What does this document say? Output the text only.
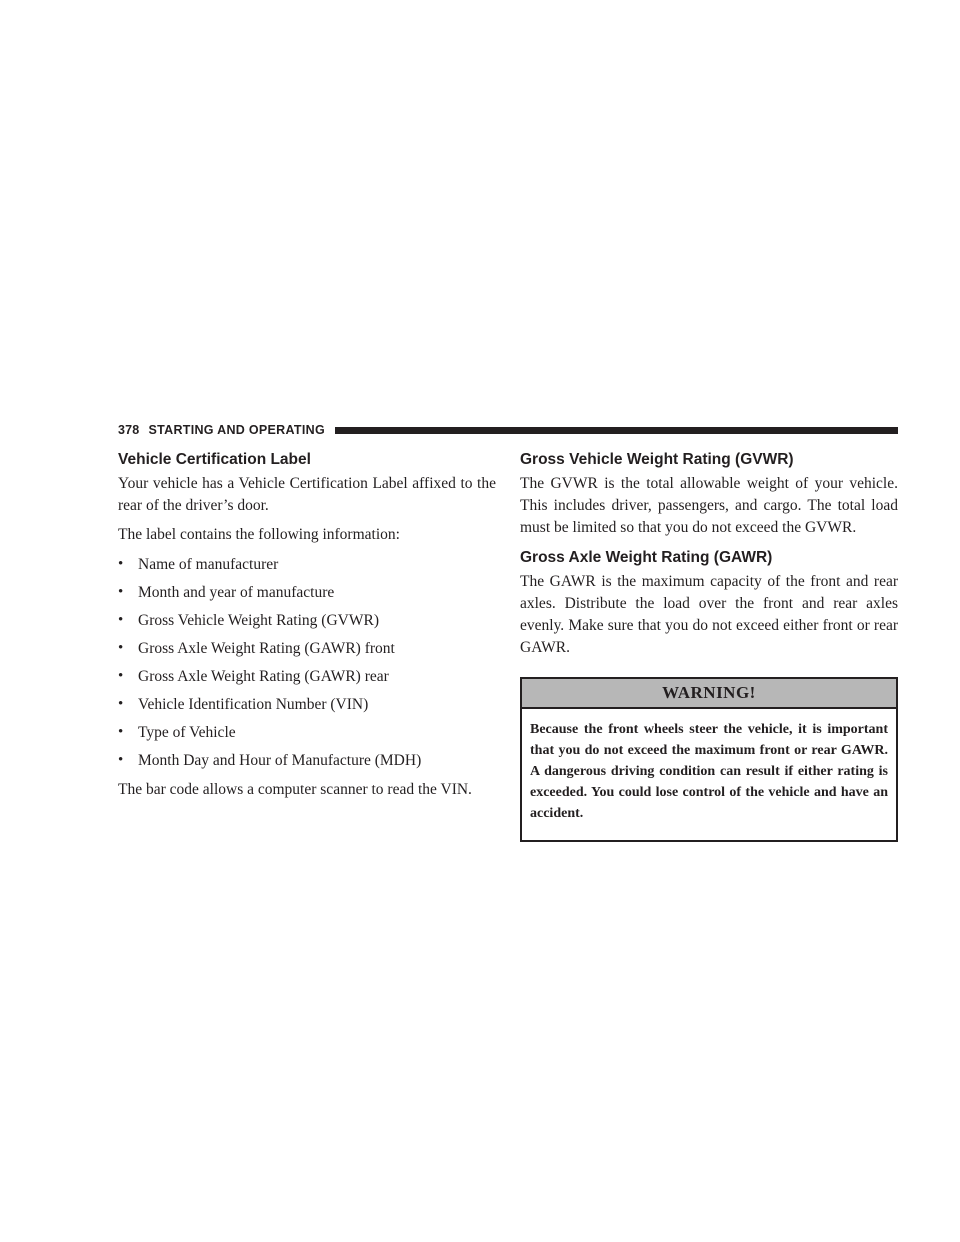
378 STARTING AND OPERATING
Vehicle Certification Label

Your vehicle has a Vehicle Certification Label affixed to the rear of the driver’s door.

The label contains the following information:

• Name of manufacturer
• Month and year of manufacture
• Gross Vehicle Weight Rating (GVWR)
• Gross Axle Weight Rating (GAWR) front
• Gross Axle Weight Rating (GAWR) rear
• Vehicle Identification Number (VIN)
• Type of Vehicle
• Month Day and Hour of Manufacture (MDH)

The bar code allows a computer scanner to read the VIN.

Gross Vehicle Weight Rating (GVWR)

The GVWR is the total allowable weight of your vehicle. This includes driver, passengers, and cargo. The total load must be limited so that you do not exceed the GVWR.

Gross Axle Weight Rating (GAWR)

The GAWR is the maximum capacity of the front and rear axles. Distribute the load over the front and rear axles evenly. Make sure that you do not exceed either front or rear GAWR.

WARNING!
Because the front wheels steer the vehicle, it is important that you do not exceed the maximum front or rear GAWR. A dangerous driving condition can result if either rating is exceeded. You could lose control of the vehicle and have an accident.
